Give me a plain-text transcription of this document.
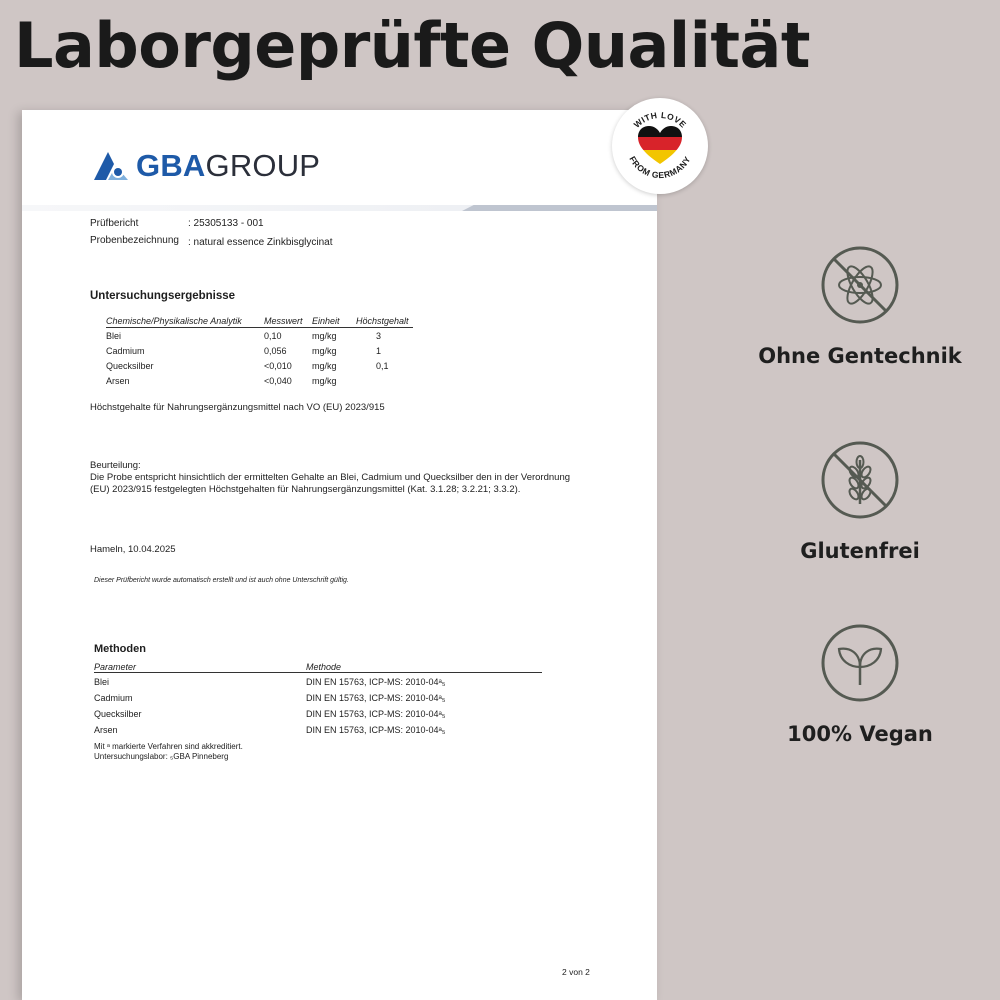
Laborgeprüfte Qualität
GBAGROUP
Prüfbericht	: 25305133 - 001
Probenbezeichnung : natural essence Zinkbisglycinat
Untersuchungsergebnisse
Chemische/Physikalische Analytik	Messwert	Einheit	Höchstgehalt
Blei	0,10	mg/kg	3
Cadmium	0,056	mg/kg	1
Quecksilber	<0,010	mg/kg	0,1
Arsen	<0,040	mg/kg	
Höchstgehalte für Nahrungsergänzungsmittel nach VO (EU) 2023/915
Beurteilung:
Die Probe entspricht hinsichtlich der ermittelten Gehalte an Blei, Cadmium und Quecksilber den in der Verordnung (EU) 2023/915 festgelegten Höchstgehalten für Nahrungsergänzungsmittel (Kat. 3.1.28; 3.2.21; 3.3.2).
Hameln, 10.04.2025
Dieser Prüfbericht wurde automatisch erstellt und ist auch ohne Unterschrift gültig.
Methoden
Parameter	Methode
Blei	DIN EN 15763, ICP-MS: 2010-04ᵃ₅
Cadmium	DIN EN 15763, ICP-MS: 2010-04ᵃ₅
Quecksilber	DIN EN 15763, ICP-MS: 2010-04ᵃ₅
Arsen	DIN EN 15763, ICP-MS: 2010-04ᵃ₅
Mit ᵃ markierte Verfahren sind akkreditiert.
Untersuchungslabor: ₅GBA Pinneberg
2 von 2
WITH LOVE
FROM GERMANY
Ohne Gentechnik
Glutenfrei
100% Vegan
